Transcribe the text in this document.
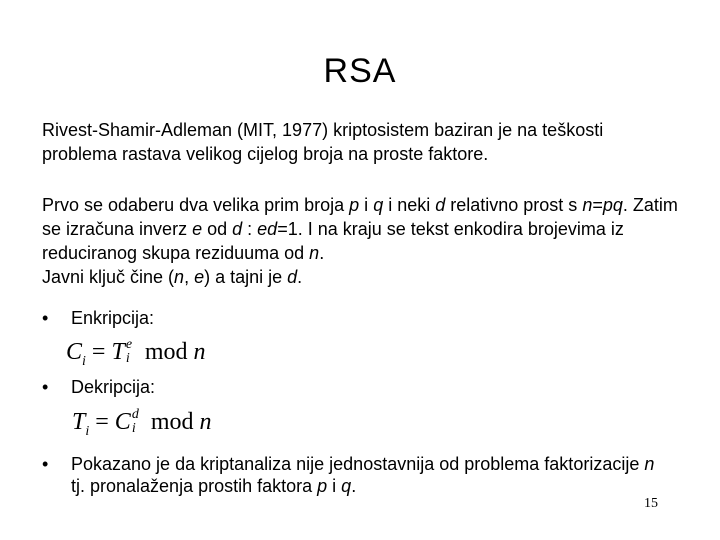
RSA
Rivest-Shamir-Adleman (MIT, 1977) kriptosistem baziran je na teškosti problema rastava velikog cijelog broja na proste faktore.
Prvo se odaberu dva velika prim broja p i q i neki d relativno prost s n=pq. Zatim se izračuna inverz e od d : ed=1. I na kraju se tekst enkodira brojevima iz reduciranog skupa reziduuma od n.
Javni ključ čine (n, e) a tajni je d.
•	Enkripcija:
$C_i = T$ e
i mod n
•	Dekripcija:
$T_i = C$ d
i mod n
•	Pokazano je da kriptanaliza nije jednostavnija od problema faktorizacije n tj. pronalaženja prostih faktora p i q.
15
